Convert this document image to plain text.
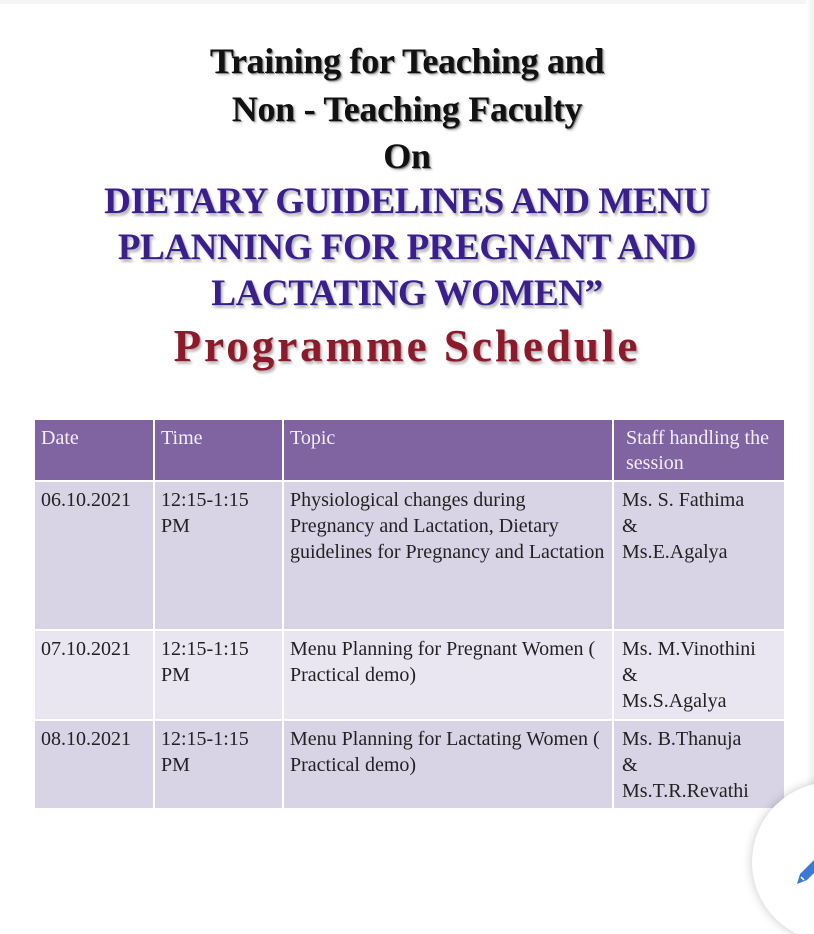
Training for Teaching and
Non - Teaching Faculty
On
DIETARY GUIDELINES AND MENU
PLANNING FOR PREGNANT AND
LACTATING WOMEN”
Programme Schedule
Date	Time	Topic	Staff handling the session
06.10.2021	12:15-1:15 PM	Physiological changes during Pregnancy and Lactation, Dietary guidelines for Pregnancy and Lactation	Ms. S. Fathima
&
Ms.E.Agalya

07.10.2021	12:15-1:15 PM	Menu Planning for Pregnant Women ( Practical demo)	Ms. M.Vinothini
&
Ms.S.Agalya

08.10.2021	12:15-1:15 PM	Menu Planning for Lactating Women ( Practical demo)	Ms. B.Thanuja
&
Ms.T.R.Revathi
